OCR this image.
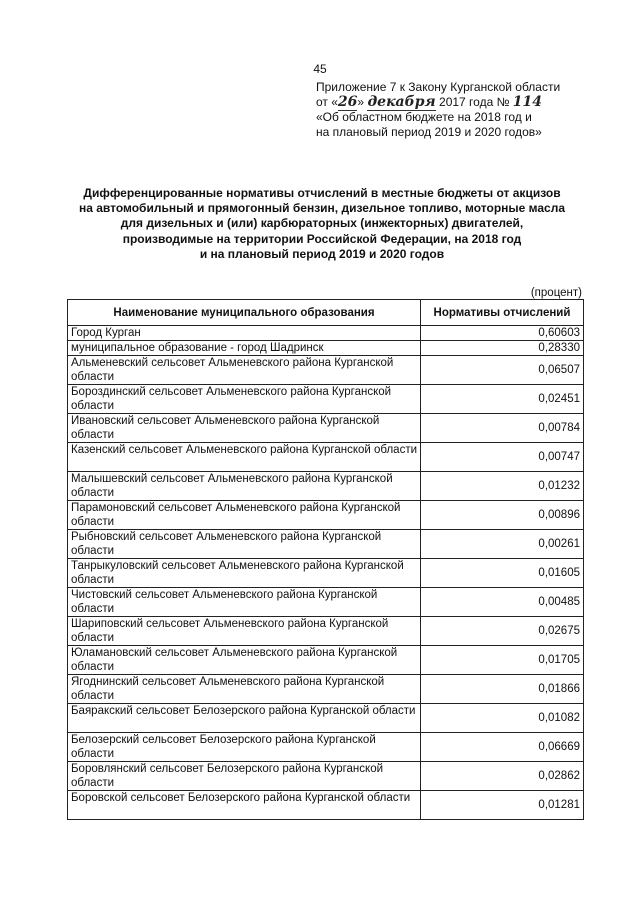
45
Приложение 7 к Закону Курганской области
от «26» декабря 2017 года № 114
«Об областном бюджете на 2018 год и
на плановый период 2019 и 2020 годов»
Дифференцированные нормативы отчислений в местные бюджеты от акцизов
на автомобильный и прямогонный бензин, дизельное топливо, моторные масла
для дизельных и (или) карбюраторных (инжекторных) двигателей,
производимые на территории Российской Федерации, на 2018 год
и на плановый период 2019 и 2020 годов
(процент)
Наименование муниципального образования	Нормативы отчислений
Город Курган	0,60603
муниципальное образование - город Шадринск	0,28330
Альменевский сельсовет Альменевского района Курганской области	0,06507
Бороздинский сельсовет Альменевского района Курганской области	0,02451
Ивановский сельсовет Альменевского района Курганской области	0,00784
Казенский сельсовет Альменевского района Курганской области	0,00747
Малышевский сельсовет Альменевского района Курганской области	0,01232
Парамоновский сельсовет Альменевского района Курганской области	0,00896
Рыбновский сельсовет Альменевского района Курганской области	0,00261
Танрыкуловский сельсовет Альменевского района Курганской области	0,01605
Чистовский сельсовет Альменевского района Курганской области	0,00485
Шариповский сельсовет Альменевского района Курганской области	0,02675
Юламановский сельсовет Альменевского района Курганской области	0,01705
Ягоднинский сельсовет Альменевского района Курганской области	0,01866
Баяракский сельсовет Белозерского района Курганской области	0,01082
Белозерский сельсовет Белозерского района Курганской области	0,06669
Боровлянский сельсовет Белозерского района Курганской области	0,02862
Боровской сельсовет Белозерского района Курганской области	0,01281
